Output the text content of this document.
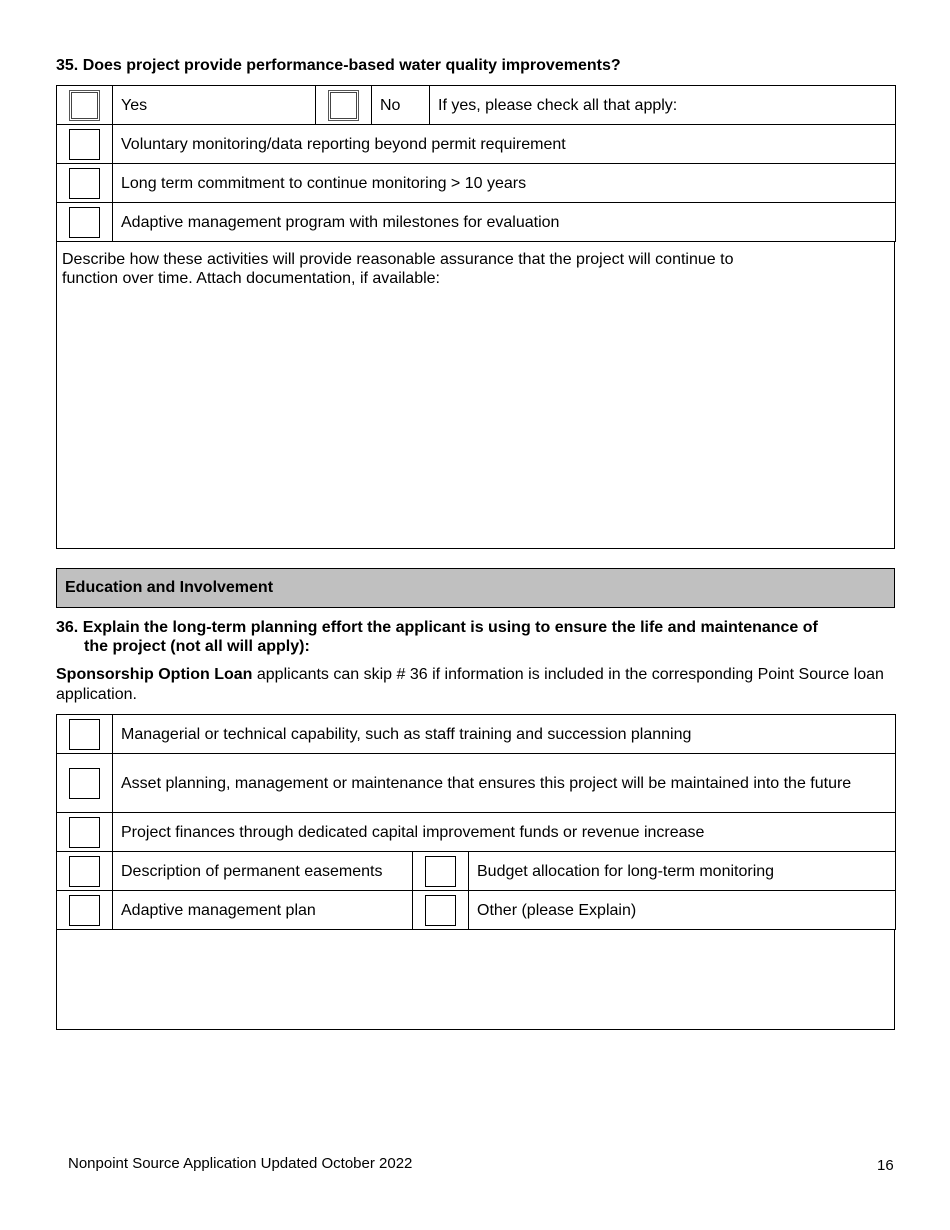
35. Does project provide performance-based water quality improvements?
	Yes		No	If yes, please check all that apply:
	Voluntary monitoring/data reporting beyond permit requirement			
	Long term commitment to continue monitoring > 10 years			
	Adaptive management program with milestones for evaluation			
Describe how these activities will provide reasonable assurance that the project will continue to function over time. Attach documentation, if available:
Education and Involvement
36. Explain the long-term planning effort the applicant is using to ensure the life and maintenance of
the project (not all will apply):
Sponsorship Option Loan applicants can skip # 36 if information is included in the corresponding Point Source loan application.
	Managerial or technical capability, such as staff training and succession planning		
	Asset planning, management or maintenance that ensures this project will be maintained into the future		
	Project finances through dedicated capital improvement funds or revenue increase		
	Description of permanent easements		Budget allocation for long-term monitoring
	Adaptive management plan		Other (please Explain)
Nonpoint Source Application Updated October 2022	16
